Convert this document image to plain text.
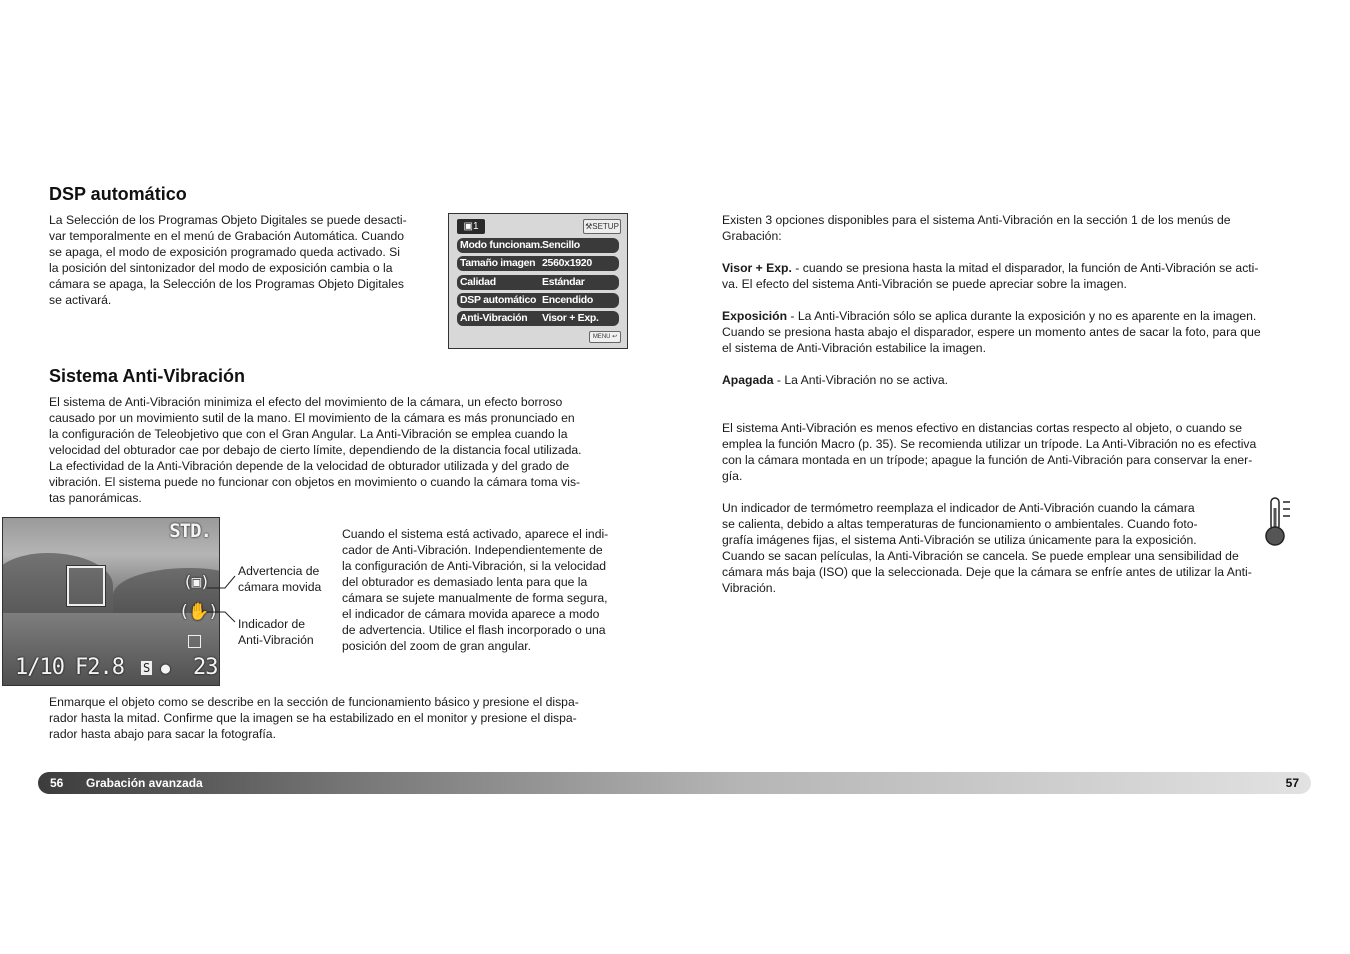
DSP automático
La Selección de los Programas Objeto Digitales se puede desacti-
var temporalmente en el menú de Grabación Automática. Cuando
se apaga, el modo de exposición programado queda activado. Si
la posición del sintonizador del modo de exposición cambia o la
cámara se apaga, la Selección de los Programas Objeto Digitales
se activará.
▣1	⚒SETUP
Modo funcionam. Sencillo
Tamaño imagen 2560x1920
Calidad	Estándar
DSP automático Encendido
Anti-Vibración	Visor + Exp.
MENU ↩
Sistema Anti-Vibración
El sistema de Anti-Vibración minimiza el efecto del movimiento de la cámara, un efecto borroso
causado por un movimiento sutil de la mano. El movimiento de la cámara es más pronunciado en
la configuración de Teleobjetivo que con el Gran Angular. La Anti-Vibración se emplea cuando la
velocidad del obturador cae por debajo de cierto límite, dependiendo de la distancia focal utilizada.
La efectividad de la Anti-Vibración depende de la velocidad de obturador utilizada y del grado de
vibración. El sistema puede no funcionar con objetos en movimiento o cuando la cámara toma vis-
tas panorámicas.
STD.
(▣)
(✋)
1/10 F2.8 S ● 23
Advertencia de
cámara movida
Indicador de
Anti-Vibración
Cuando el sistema está activado, aparece el indi-
cador de Anti-Vibración. Independientemente de
la configuración de Anti-Vibración, si la velocidad
del obturador es demasiado lenta para que la
cámara se sujete manualmente de forma segura,
el indicador de cámara movida aparece a modo
de advertencia. Utilice el flash incorporado o una
posición del zoom de gran angular.
Enmarque el objeto como se describe en la sección de funcionamiento básico y presione el dispa-
rador hasta la mitad. Confirme que la imagen se ha estabilizado en el monitor y presione el dispa-
rador hasta abajo para sacar la fotografía.
Existen 3 opciones disponibles para el sistema Anti-Vibración en la sección 1 de los menús de
Grabación:
Visor + Exp. - cuando se presiona hasta la mitad el disparador, la función de Anti-Vibración se acti-
va. El efecto del sistema Anti-Vibración se puede apreciar sobre la imagen.
Exposición - La Anti-Vibración sólo se aplica durante la exposición y no es aparente en la imagen.
Cuando se presiona hasta abajo el disparador, espere un momento antes de sacar la foto, para que
el sistema de Anti-Vibración estabilice la imagen.
Apagada - La Anti-Vibración no se activa.
El sistema Anti-Vibración es menos efectivo en distancias cortas respecto al objeto, o cuando se
emplea la función Macro (p. 35). Se recomienda utilizar un trípode. La Anti-Vibración no es efectiva
con la cámara montada en un trípode; apague la función de Anti-Vibración para conservar la ener-
gía.
Un indicador de termómetro reemplaza el indicador de Anti-Vibración cuando la cámara
se calienta, debido a altas temperaturas de funcionamiento o ambientales. Cuando foto-
grafía imágenes fijas, el sistema Anti-Vibración se utiliza únicamente para la exposición.
Cuando se sacan películas, la Anti-Vibración se cancela. Se puede emplear una sensibilidad de
cámara más baja (ISO) que la seleccionada. Deje que la cámara se enfríe antes de utilizar la Anti-
Vibración.
56 Grabación avanzada	57
